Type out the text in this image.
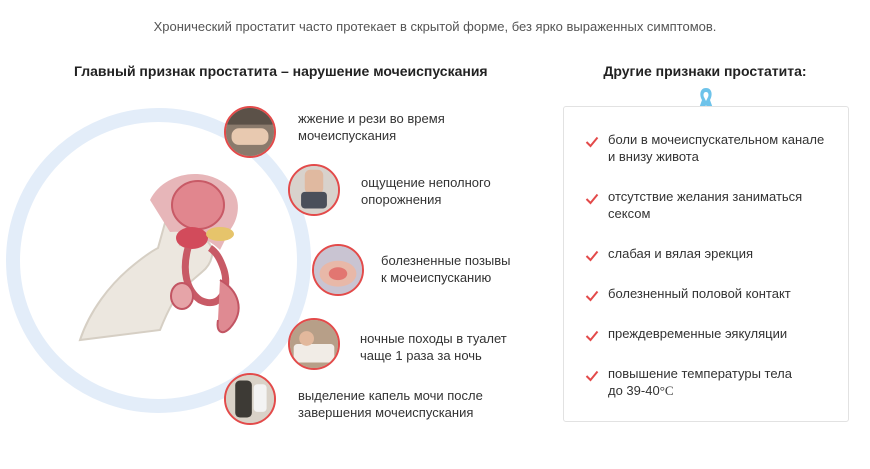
Хронический простатит часто протекает в скрытой форме, без ярко выраженных симптомов.
Главный признак простатита – нарушение мочеиспускания	Другие признаки простатита:
жжение и рези во время
мочеиспускания
ощущение неполного
опорожнения
болезненные позывы
к мочеиспусканию
ночные походы в туалет
чаще 1 раза за ночь
выделение капель мочи после
завершения мочеиспускания
боли в мочеиспускательном канале
и внизу живота
отсутствие желания заниматься
сексом
слабая и вялая эрекция
болезненный половой контакт
преждевременные эякуляции
повышение температуры тела
до 39-40°C
